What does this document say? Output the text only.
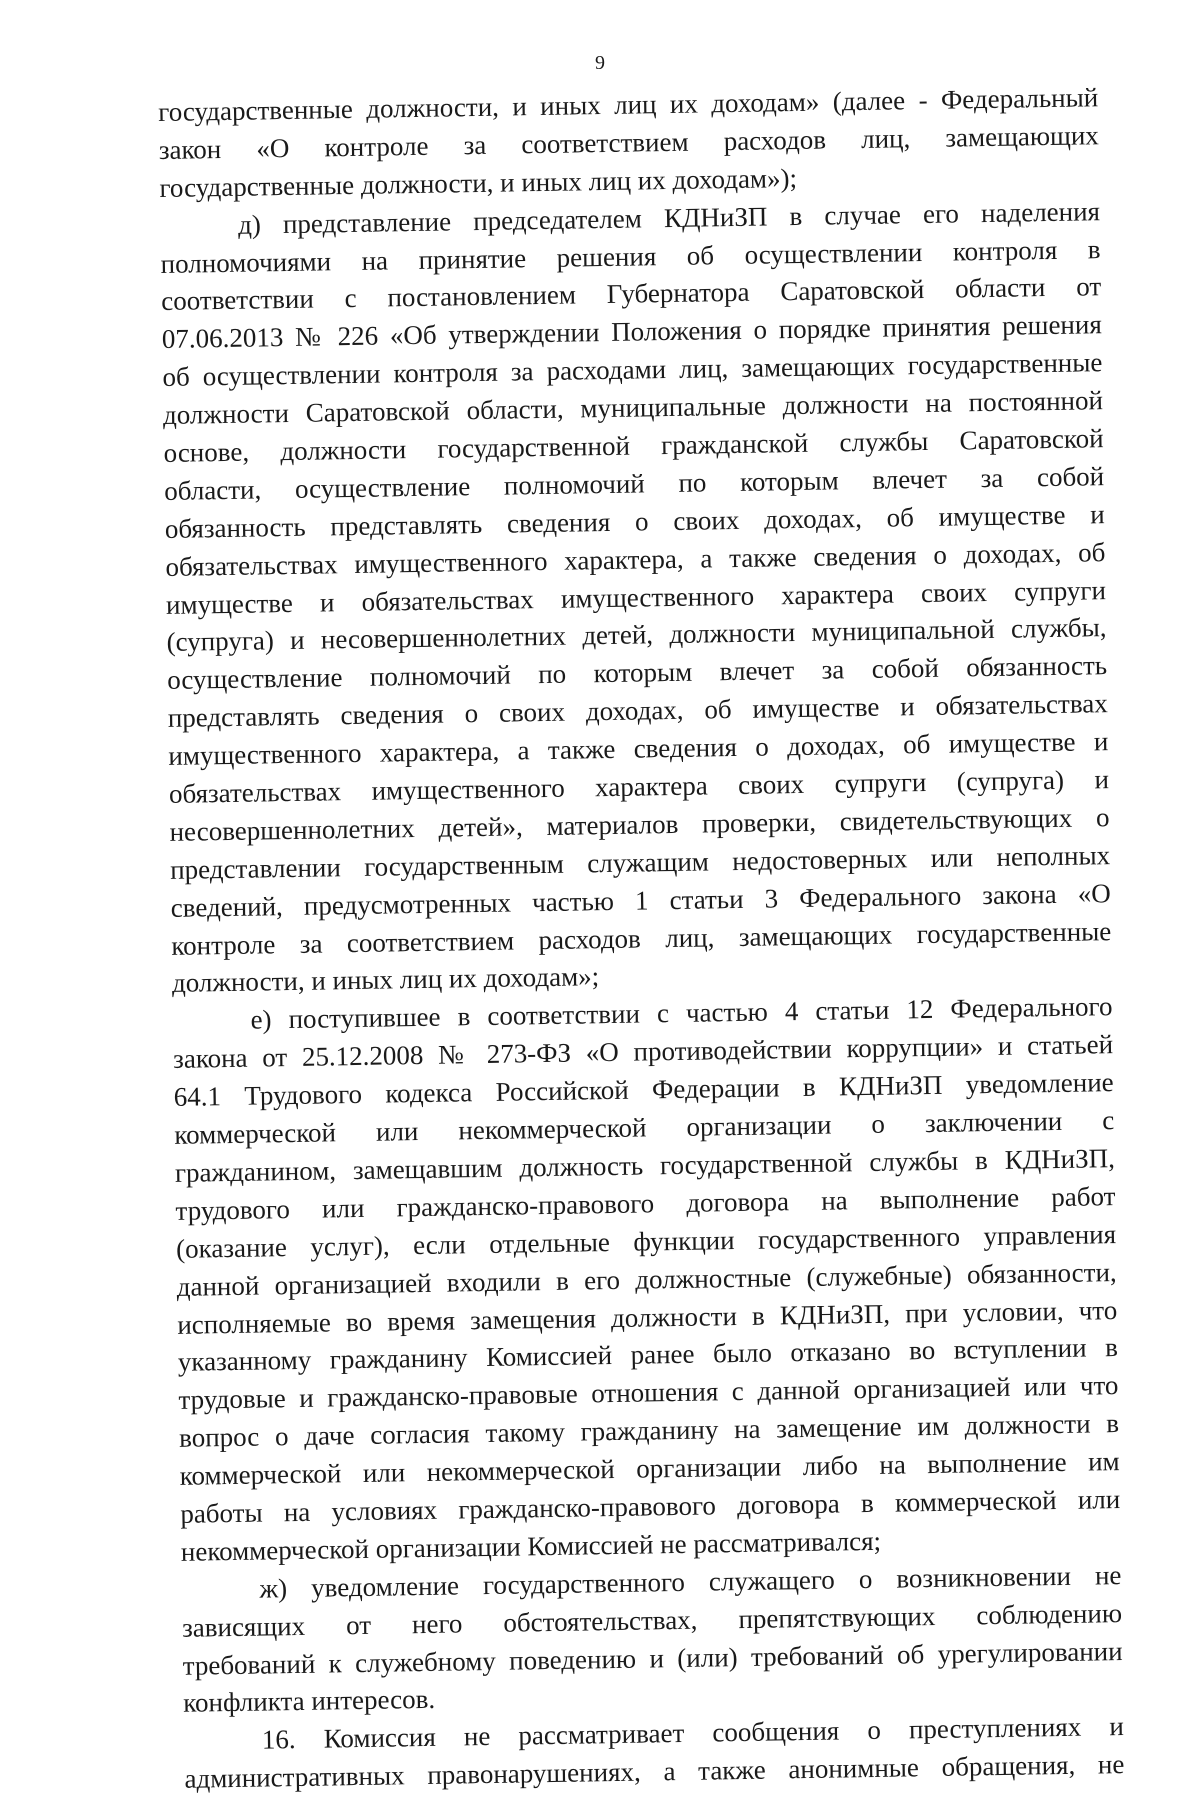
9
государственные должности, и иных лиц их доходам» (далее - Федеральный
закон «О контроле за соответствием расходов лиц, замещающих
государственные должности, и иных лиц их доходам»);
д) представление председателем КДНиЗП в случае его наделения
полномочиями на принятие решения об осуществлении контроля в
соответствии с постановлением Губернатора Саратовской области от
07.06.2013 № 226 «Об утверждении Положения о порядке принятия решения
об осуществлении контроля за расходами лиц, замещающих государственные
должности Саратовской области, муниципальные должности на постоянной
основе, должности государственной гражданской службы Саратовской
области, осуществление полномочий по которым влечет за собой
обязанность представлять сведения о своих доходах, об имуществе и
обязательствах имущественного характера, а также сведения о доходах, об
имуществе и обязательствах имущественного характера своих супруги
(супруга) и несовершеннолетних детей, должности муниципальной службы,
осуществление полномочий по которым влечет за собой обязанность
представлять сведения о своих доходах, об имуществе и обязательствах
имущественного характера, а также сведения о доходах, об имуществе и
обязательствах имущественного характера своих супруги (супруга) и
несовершеннолетних детей», материалов проверки, свидетельствующих о
представлении государственным служащим недостоверных или неполных
сведений, предусмотренных частью 1 статьи 3 Федерального закона «О
контроле за соответствием расходов лиц, замещающих государственные
должности, и иных лиц их доходам»;
е) поступившее в соответствии с частью 4 статьи 12 Федерального
закона от 25.12.2008 № 273-ФЗ «О противодействии коррупции» и статьей
64.1 Трудового кодекса Российской Федерации в КДНиЗП уведомление
коммерческой или некоммерческой организации о заключении с
гражданином, замещавшим должность государственной службы в КДНиЗП,
трудового или гражданско-правового договора на выполнение работ
(оказание услуг), если отдельные функции государственного управления
данной организацией входили в его должностные (служебные) обязанности,
исполняемые во время замещения должности в КДНиЗП, при условии, что
указанному гражданину Комиссией ранее было отказано во вступлении в
трудовые и гражданско-правовые отношения с данной организацией или что
вопрос о даче согласия такому гражданину на замещение им должности в
коммерческой или некоммерческой организации либо на выполнение им
работы на условиях гражданско-правового договора в коммерческой или
некоммерческой организации Комиссией не рассматривался;
ж) уведомление государственного служащего о возникновении не
зависящих от него обстоятельствах, препятствующих соблюдению
требований к служебному поведению и (или) требований об урегулировании
конфликта интересов.
16. Комиссия не рассматривает сообщения о преступлениях и
административных правонарушениях, а также анонимные обращения, не
